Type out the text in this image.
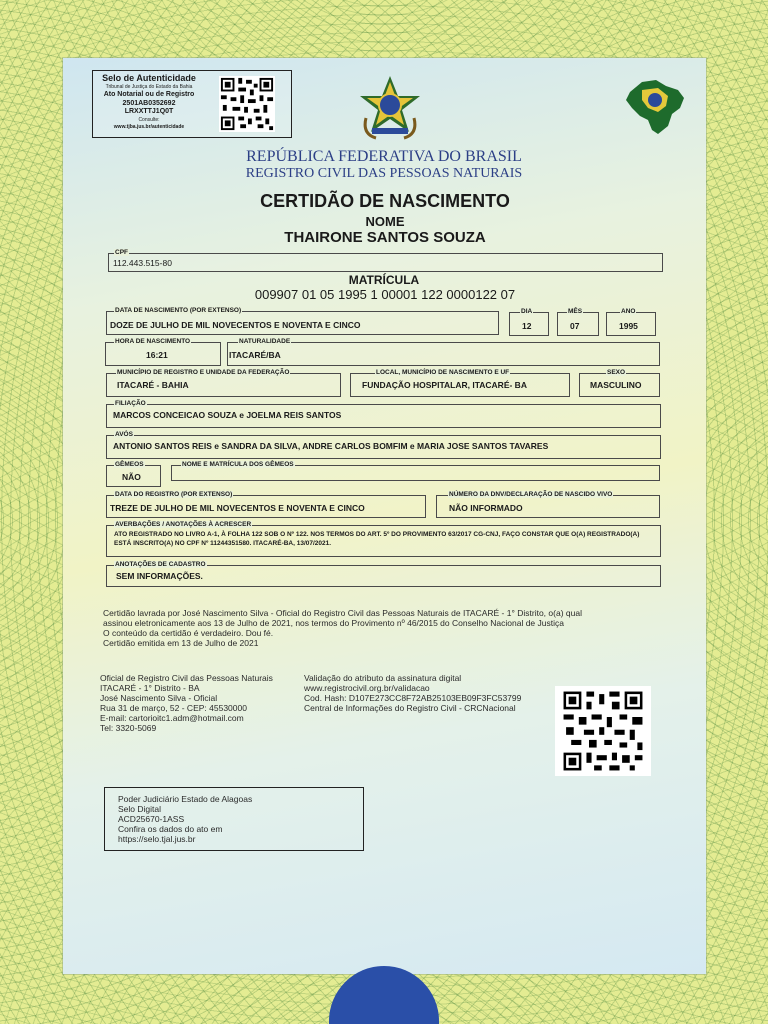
Selo de Autenticidade
Tribunal de Justiça do Estado da Bahia
Ato Notarial ou de Registro
2501AB0352692
LRXXTTJ1Q0T
Consulte:
www.tjba.jus.br/autenticidade
REPÚBLICA FEDERATIVA DO BRASIL
REGISTRO CIVIL DAS PESSOAS NATURAIS
CERTIDÃO DE NASCIMENTO
NOME
THAIRONE SANTOS SOUZA
CPF
112.443.515-80
MATRÍCULA
009907 01 05 1995 1 00001 122 0000122 07
DATA DE NASCIMENTO (POR EXTENSO)
DOZE DE JULHO DE MIL NOVECENTOS E NOVENTA E CINCO
DIA
12
MÊS
07
ANO
1995
HORA DE NASCIMENTO
16:21
NATURALIDADE
ITACARÉ/BA
MUNICÍPIO DE REGISTRO E UNIDADE DA FEDERAÇÃO
ITACARÉ - BAHIA
LOCAL, MUNICÍPIO DE NASCIMENTO E UF
FUNDAÇÃO HOSPITALAR, ITACARÉ- BA
SEXO
MASCULINO
FILIAÇÃO
MARCOS CONCEICAO SOUZA e JOELMA REIS SANTOS
AVÓS
ANTONIO SANTOS REIS e SANDRA DA SILVA, ANDRE CARLOS BOMFIM e MARIA JOSE SANTOS TAVARES
GÊMEOS
NÃO
NOME E MATRÍCULA DOS GÊMEOS
DATA DO REGISTRO (POR EXTENSO)
TREZE DE JULHO DE MIL NOVECENTOS E NOVENTA E CINCO
NÚMERO DA DNV/DECLARAÇÃO DE NASCIDO VIVO
NÃO INFORMADO
AVERBAÇÕES / ANOTAÇÕES À ACRESCER
ATO REGISTRADO NO LIVRO A-1, À FOLHA 122 SOB O Nº 122. NOS TERMOS DO ART. 5º DO PROVIMENTO 63/2017 CG-CNJ, FAÇO CONSTAR QUE O(A) REGISTRADO(A) ESTÁ INSCRITO(A) NO CPF Nº 11244351580. ITACARÉ-BA, 13/07/2021.
ANOTAÇÕES DE CADASTRO
SEM INFORMAÇÕES.
Certidão lavrada por José Nascimento Silva - Oficial do Registro Civil das Pessoas Naturais de ITACARÉ - 1° Distrito, o(a) qual
assinou eletronicamente aos 13 de Julho de 2021, nos termos do Provimento nº 46/2015 do Conselho Nacional de Justiça
O conteúdo da certidão é verdadeiro. Dou fé.
Certidão emitida em 13 de Julho de 2021
Oficial de Registro Civil das Pessoas Naturais
ITACARÉ - 1° Distrito - BA
José Nascimento Silva - Oficial
Rua 31 de março, 52 - CEP: 45530000
E-mail: cartorioitc1.adm@hotmail.com
Tel: 3320-5069
Validação do atributo da assinatura digital
www.registrocivil.org.br/validacao
Cod. Hash: D107E273CC8F72AB25103EB09F3FC53799
Central de Informações do Registro Civil - CRCNacional
Poder Judiciário Estado de Alagoas
Selo Digital
ACD25670-1ASS
Confira os dados do ato em
https://selo.tjal.jus.br
